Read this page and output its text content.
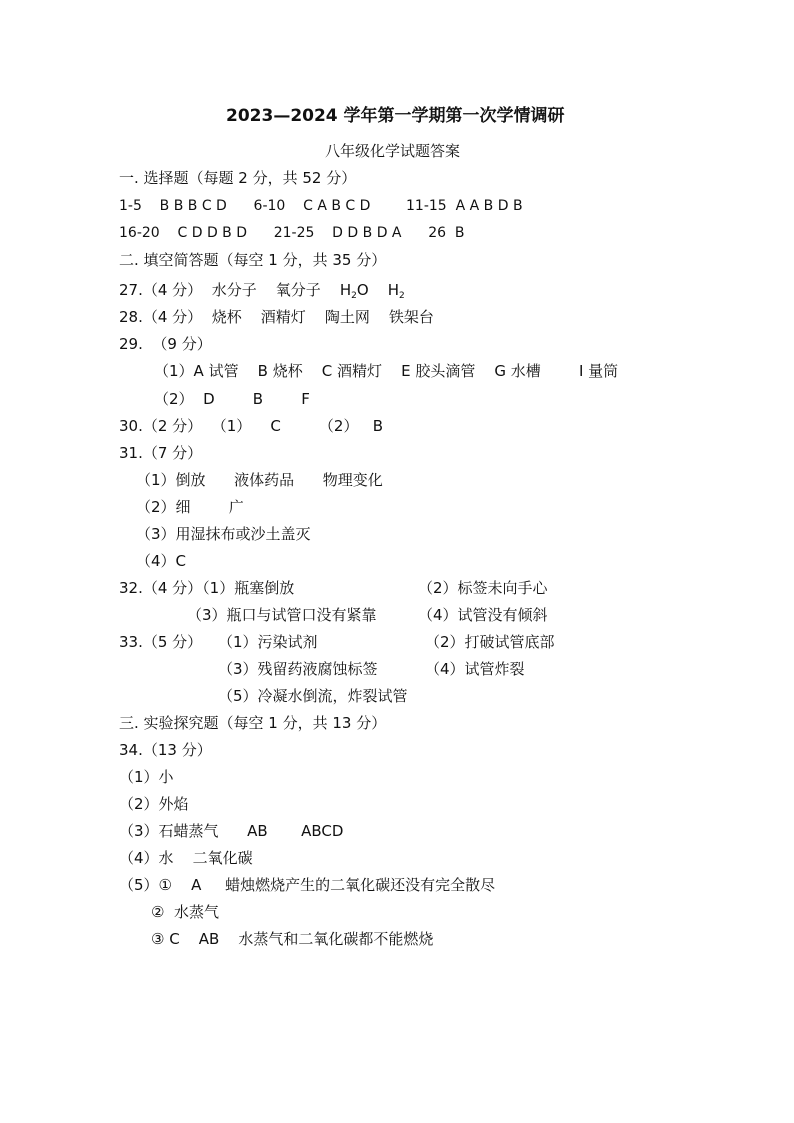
2023—2024 学年第一学期第一次学情调研
八年级化学试题答案
一. 选择题（每题 2 分，共 52 分）
1-5    B B B C D      6-10    C A B C D        11-15  A A B D B
16-20    C D D B D      21-25    D D B D A      26  B
二. 填空简答题（每空 1 分，共 35 分）
27.（4 分）  水分子    氧分子    $H_2O$    $H_2$
28.（4 分）  烧杯    酒精灯    陶土网    铁架台
29.  （9 分）
（1）A 试管    B 烧杯    C 酒精灯    E 胶头滴管    G 水槽        I 量筒
（2）  D        B        F
30.（2 分）  （1）    C        （2）   B
31.（7 分）
（1）倒放      液体药品      物理变化
（2）细        广
（3）用湿抹布或沙土盖灭
（4）C
32.（4 分）（1）瓶塞倒放	（2）标签未向手心
（3）瓶口与试管口没有紧靠	（4）试管没有倾斜
33.（5 分） （1）污染试剂	（2）打破试管底部
（3）残留药液腐蚀标签	（4）试管炸裂
（5）冷凝水倒流，炸裂试管
三. 实验探究题（每空 1 分，共 13 分）
34.（13 分）
（1）小
（2）外焰
（3）石蜡蒸气      AB       ABCD
（4）水    二氧化碳
（5）①    A     蜡烛燃烧产生的二氧化碳还没有完全散尽
②  水蒸气
③ C    AB    水蒸气和二氧化碳都不能燃烧
